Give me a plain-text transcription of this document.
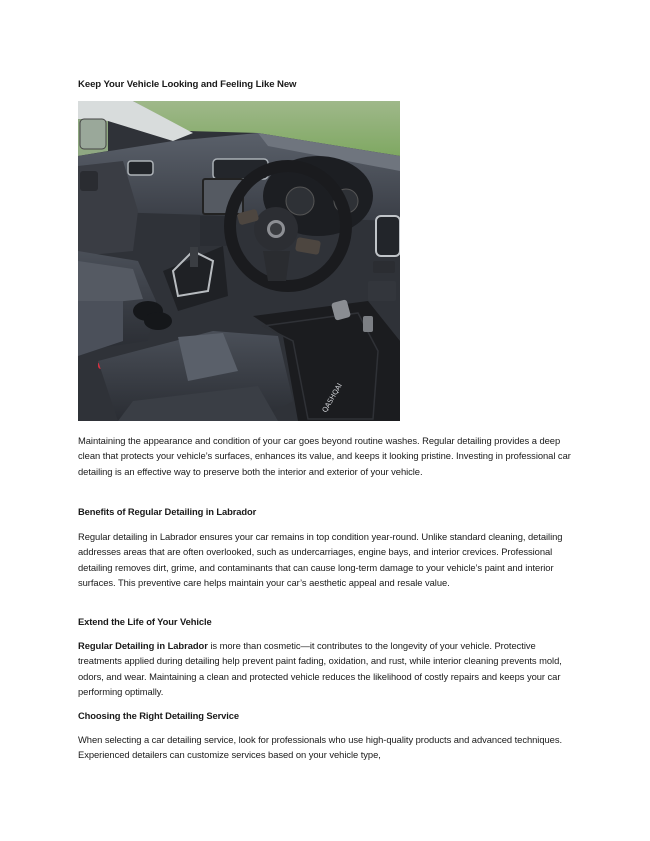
Keep Your Vehicle Looking and Feeling Like New
QASHQAI
Maintaining the appearance and condition of your car goes beyond routine washes. Regular detailing provides a deep clean that protects your vehicle’s surfaces, enhances its value, and keeps it looking pristine. Investing in professional car detailing is an effective way to preserve both the interior and exterior of your vehicle.
Benefits of Regular Detailing in Labrador
Regular detailing in Labrador ensures your car remains in top condition year-round. Unlike standard cleaning, detailing addresses areas that are often overlooked, such as undercarriages, engine bays, and interior crevices. Professional detailing removes dirt, grime, and contaminants that can cause long-term damage to your vehicle’s paint and interior surfaces. This preventive care helps maintain your car’s aesthetic appeal and resale value.
Extend the Life of Your Vehicle
Regular Detailing in Labrador is more than cosmetic—it contributes to the longevity of your vehicle. Protective treatments applied during detailing help prevent paint fading, oxidation, and rust, while interior cleaning prevents mold, odors, and wear. Maintaining a clean and protected vehicle reduces the likelihood of costly repairs and keeps your car performing optimally.
Choosing the Right Detailing Service
When selecting a car detailing service, look for professionals who use high-quality products and advanced techniques. Experienced detailers can customize services based on your vehicle type,
